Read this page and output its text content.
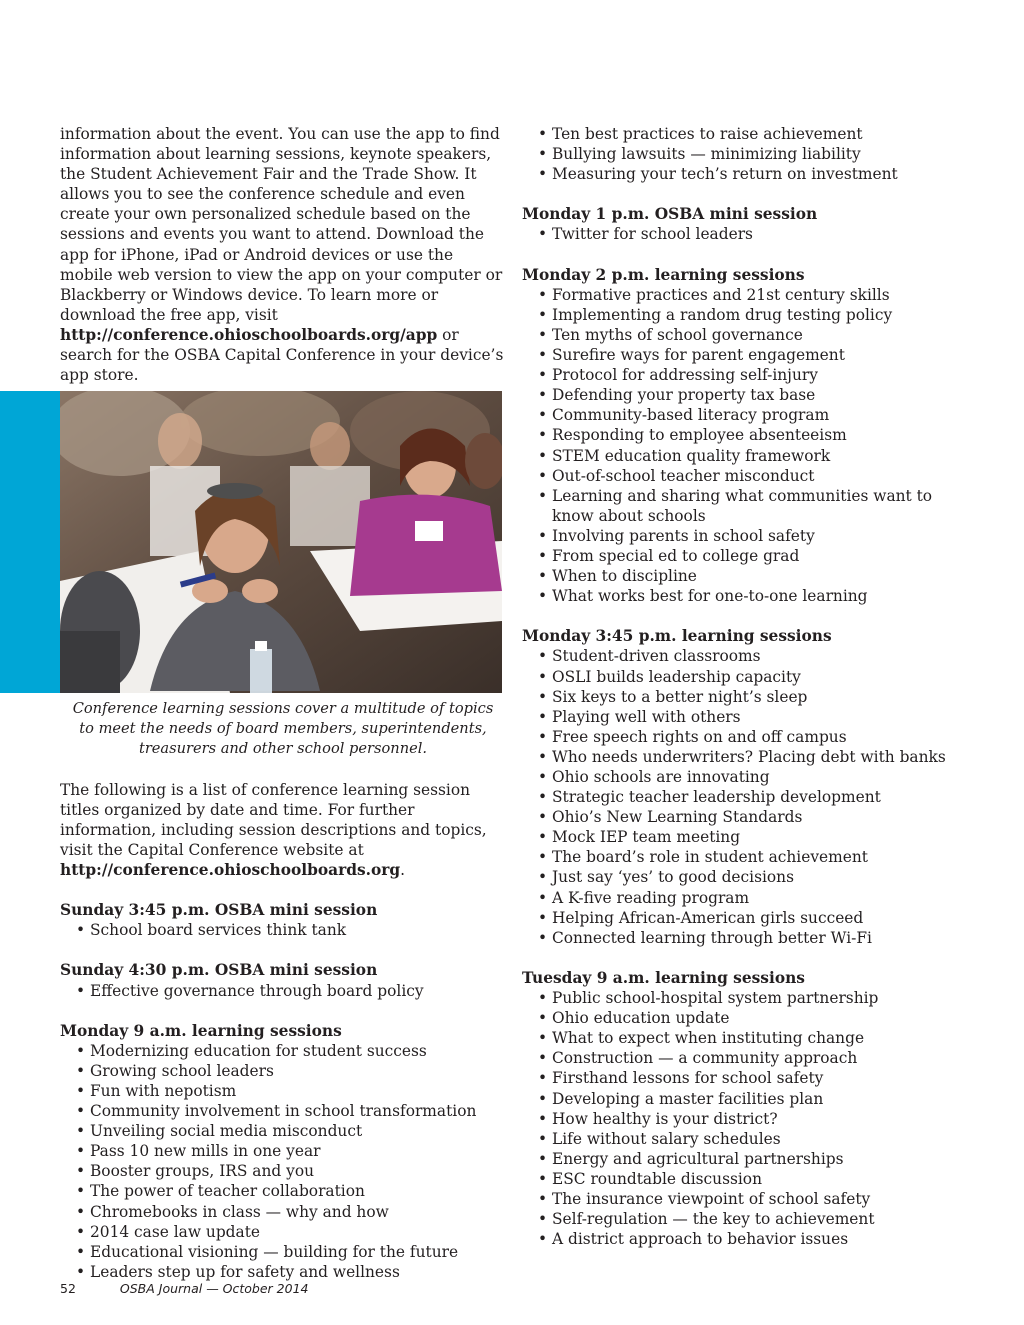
information about the event. You can use the app to find information about learning sessions, keynote speakers, the Student Achievement Fair and the Trade Show. It allows you to see the conference schedule and even create your own personalized schedule based on the sessions and events you want to attend. Download the app for iPhone, iPad or Android devices or use the mobile web version to view the app on your computer or Blackberry or Windows device. To learn more or download the free app, visit http://conference.ohioschoolboards.org/app or search for the OSBA Capital Conference in your device’s app store.

Conference learning sessions cover a multitude of topics to meet the needs of board members, superintendents, treasurers and other school personnel.

The following is a list of conference learning session titles organized by date and time. For further information, including session descriptions and topics, visit the Capital Conference website at http://conference.ohioschoolboards.org.

Sunday 3:45 p.m. OSBA mini session

• School board services think tank

Sunday 4:30 p.m. OSBA mini session

• Effective governance through board policy

Monday 9 a.m. learning sessions

• Modernizing education for student success
• Growing school leaders
• Fun with nepotism
• Community involvement in school transformation
• Unveiling social media misconduct
• Pass 10 new mills in one year
• Booster groups, IRS and you
• The power of teacher collaboration
• Chromebooks in class — why and how
• 2014 case law update
• Educational visioning — building for the future
• Leaders step up for safety and wellness
• Ten best practices to raise achievement
• Bullying lawsuits — minimizing liability
• Measuring your tech’s return on investment

Monday 1 p.m. OSBA mini session

• Twitter for school leaders

Monday 2 p.m. learning sessions

• Formative practices and 21st century skills
• Implementing a random drug testing policy
• Ten myths of school governance
• Surefire ways for parent engagement
• Protocol for addressing self-injury
• Defending your property tax base
• Community-based literacy program
• Responding to employee absenteeism
• STEM education quality framework
• Out-of-school teacher misconduct
• Learning and sharing what communities want to know about schools
• Involving parents in school safety
• From special ed to college grad
• When to discipline
• What works best for one-to-one learning

Monday 3:45 p.m. learning sessions

• Student-driven classrooms
• OSLI builds leadership capacity
• Six keys to a better night’s sleep
• Playing well with others
• Free speech rights on and off campus
• Who needs underwriters? Placing debt with banks
• Ohio schools are innovating
• Strategic teacher leadership development
• Ohio’s New Learning Standards
• Mock IEP team meeting
• The board’s role in student achievement
• Just say ‘yes’ to good decisions
• A K-five reading program
• Helping African-American girls succeed
• Connected learning through better Wi-Fi

Tuesday 9 a.m. learning sessions

• Public school-hospital system partnership
• Ohio education update
• What to expect when instituting change
• Construction — a community approach
• Firsthand lessons for school safety
• Developing a master facilities plan
• How healthy is your district?
• Life without salary schedules
• Energy and agricultural partnerships
• ESC roundtable discussion
• The insurance viewpoint of school safety
• Self-regulation — the key to achievement
• A district approach to behavior issues
52	OSBA Journal — October 2014
